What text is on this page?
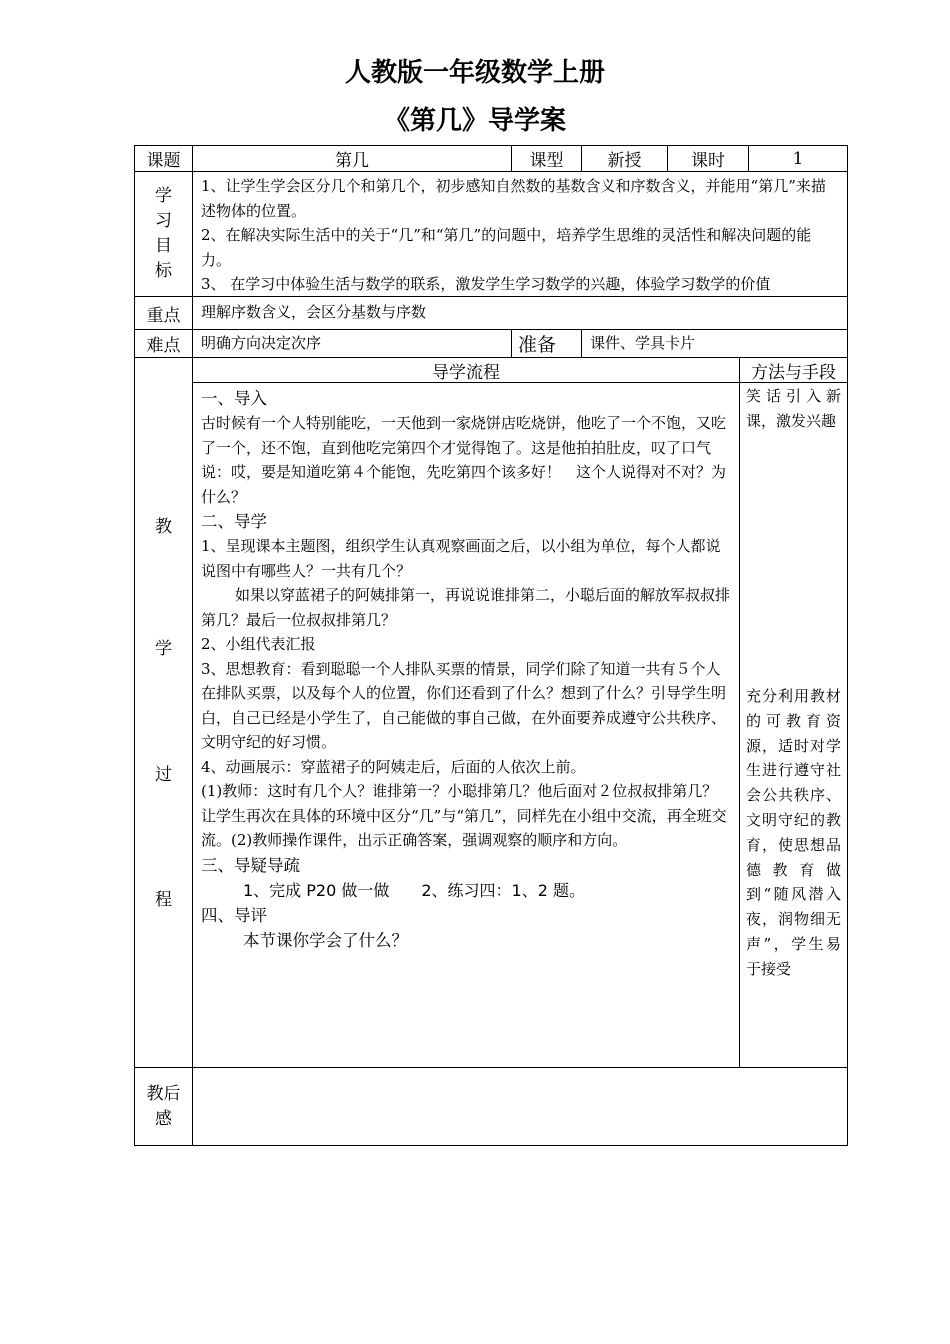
人教版一年级数学上册
《第几》导学案
课题	第几	课型	新授	课时	1
学
习
目
标
1、让学生学会区分几个和第几个，初步感知自然数的基数含义和序数含义，并能用“第几”来描述物体的位置。
2、在解决实际生活中的关于“几”和“第几”的问题中，培养学生思维的灵活性和解决问题的能力。
3、 在学习中体验生活与数学的联系，激发学生学习数学的兴趣，体验学习数学的价值
重点	理解序数含义，会区分基数与序数
难点	明确方向决定次序	准备	课件、学具卡片
教
学
过
程
导学流程	方法与手段
一、导入
古时候有一个人特别能吃，一天他到一家烧饼店吃烧饼，他吃了一个不饱，又吃了一个，还不饱，直到他吃完第四个才觉得饱了。这是他拍拍肚皮，叹了口气说：哎，要是知道吃第４个能饱，先吃第四个该多好！　这个人说得对不对？为什么？
二、导学
1、呈现课本主题图，组织学生认真观察画面之后，以小组为单位，每个人都说说图中有哪些人？一共有几个？
如果以穿蓝裙子的阿姨排第一，再说说谁排第二，小聪后面的解放军叔叔排第几？最后一位叔叔排第几？
2、小组代表汇报
3、思想教育：看到聪聪一个人排队买票的情景，同学们除了知道一共有５个人在排队买票，以及每个人的位置，你们还看到了什么？想到了什么？引导学生明白，自己已经是小学生了，自己能做的事自己做，在外面要养成遵守公共秩序、文明守纪的好习惯。
4、动画展示：穿蓝裙子的阿姨走后，后面的人依次上前。
(1)教师：这时有几个人？谁排第一？小聪排第几？他后面对２位叔叔排第几？让学生再次在具体的环境中区分“几”与“第几”，同样先在小组中交流，再全班交流。(2)教师操作课件，出示正确答案，强调观察的顺序和方向。
三、导疑导疏
1、完成 P20 做一做　　2、练习四：1、2 题。
四、导评
本节课你学会了什么？
笑话引入新课，激发兴趣
充分利用教材的可教育资源，适时对学生进行遵守社会公共秩序、文明守纪的教育，使思想品德教育做到“随风潜入夜，润物细无声”，学生易于接受
教后
感
